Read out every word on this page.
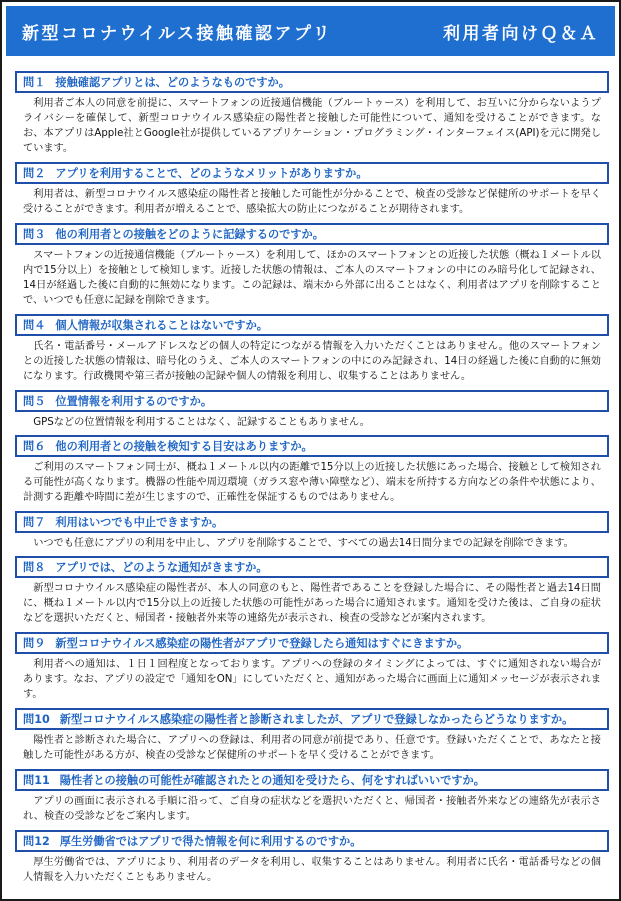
新型コロナウイルス接触確認アプリ	利用者向けＱ＆Ａ
問１ 接触確認アプリとは、どのようなものですか。

利用者ご本人の同意を前提に、スマートフォンの近接通信機能（ブルートゥース）を利用して、お互いに分からないようプライバシーを確保して、新型コロナウイルス感染症の陽性者と接触した可能性について、通知を受けることができます。なお、本アプリはApple社とGoogle社が提供しているアプリケーション・プログラミング・インターフェイス(API)を元に開発しています。

問２ アプリを利用することで、どのようなメリットがありますか。

利用者は、新型コロナウイルス感染症の陽性者と接触した可能性が分かることで、検査の受診など保健所のサポートを早く受けることができます。利用者が増えることで、感染拡大の防止につながることが期待されます。

問３ 他の利用者との接触をどのように記録するのですか。

スマートフォンの近接通信機能（ブルートゥース）を利用して、ほかのスマートフォンとの近接した状態（概ね１メートル以内で15分以上）を接触として検知します。近接した状態の情報は、ご本人のスマートフォンの中にのみ暗号化して記録され、14日が経過した後に自動的に無効になります。この記録は、端末から外部に出ることはなく、利用者はアプリを削除することで、いつでも任意に記録を削除できます。

問４ 個人情報が収集されることはないですか。

氏名・電話番号・メールアドレスなどの個人の特定につながる情報を入力いただくことはありません。他のスマートフォンとの近接した状態の情報は、暗号化のうえ、ご本人のスマートフォンの中にのみ記録され、14日の経過した後に自動的に無効になります。行政機関や第三者が接触の記録や個人の情報を利用し、収集することはありません。

問５ 位置情報を利用するのですか。

GPSなどの位置情報を利用することはなく、記録することもありません。

問６ 他の利用者との接触を検知する目安はありますか。

ご利用のスマートフォン同士が、概ね１メートル以内の距離で15分以上の近接した状態にあった場合、接触として検知される可能性が高くなります。機器の性能や周辺環境（ガラス窓や薄い障壁など）、端末を所持する方向などの条件や状態により、計測する距離や時間に差が生じますので、正確性を保証するものではありません。

問７ 利用はいつでも中止できますか。

いつでも任意にアプリの利用を中止し、アプリを削除することで、すべての過去14日間分までの記録を削除できます。

問８ アプリでは、どのような通知がきますか。

新型コロナウイルス感染症の陽性者が、本人の同意のもと、陽性者であることを登録した場合に、その陽性者と過去14日間に、概ね１メートル以内で15分以上の近接した状態の可能性があった場合に通知されます。通知を受けた後は、ご自身の症状などを選択いただくと、帰国者・接触者外来等の連絡先が表示され、検査の受診などが案内されます。

問９ 新型コロナウイルス感染症の陽性者がアプリで登録したら通知はすぐにきますか。

利用者への通知は、１日１回程度となっております。アプリへの登録のタイミングによっては、すぐに通知されない場合があります。なお、アプリの設定で「通知をON」にしていただくと、通知があった場合に画面上に通知メッセージが表示されます。

問10 新型コロナウイルス感染症の陽性者と診断されましたが、アプリで登録しなかったらどうなりますか。

陽性者と診断された場合に、アプリへの登録は、利用者の同意が前提であり、任意です。登録いただくことで、あなたと接触した可能性がある方が、検査の受診など保健所のサポートを早く受けることができます。

問11 陽性者との接触の可能性が確認されたとの通知を受けたら、何をすればいいですか。

アプリの画面に表示される手順に沿って、ご自身の症状などを選択いただくと、帰国者・接触者外来などの連絡先が表示され、検査の受診などをご案内します。

問12 厚生労働省ではアプリで得た情報を何に利用するのですか。

厚生労働省では、アプリにより、利用者のデータを利用し、収集することはありません。利用者に氏名・電話番号などの個人情報を入力いただくこともありません。
